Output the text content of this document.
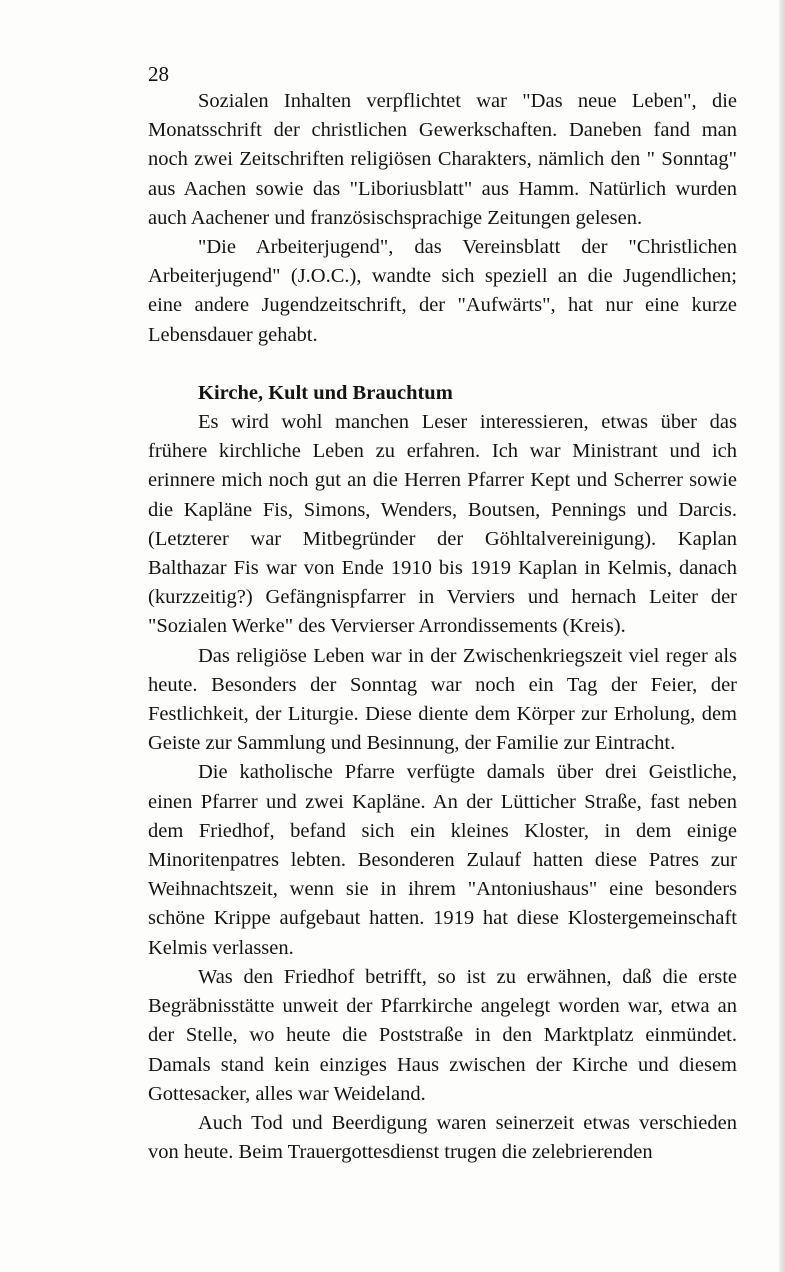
28

Sozialen Inhalten verpflichtet war "Das neue Leben", die Monatsschrift der christlichen Gewerkschaften. Daneben fand man noch zwei Zeitschriften religiösen Charakters, nämlich den " Sonntag" aus Aachen sowie das "Liboriusblatt" aus Hamm. Natürlich wurden auch Aachener und französischsprachige Zeitungen gelesen.

"Die Arbeiterjugend", das Vereinsblatt der "Christlichen Arbeiterjugend" (J.O.C.), wandte sich speziell an die Jugendlichen; eine andere Jugendzeitschrift, der "Aufwärts", hat nur eine kurze Lebensdauer gehabt.

Kirche, Kult und Brauchtum

Es wird wohl manchen Leser interessieren, etwas über das frühere kirchliche Leben zu erfahren. Ich war Ministrant und ich erinnere mich noch gut an die Herren Pfarrer Kept und Scherrer sowie die Kapläne Fis, Simons, Wenders, Boutsen, Pennings und Darcis. (Letzterer war Mitbegründer der Göhltalvereinigung). Kaplan Balthazar Fis war von Ende 1910 bis 1919 Kaplan in Kelmis, danach (kurzzeitig?) Gefängnispfarrer in Verviers und hernach Leiter der "Sozialen Werke" des Vervierser Arrondissements (Kreis).

Das religiöse Leben war in der Zwischenkriegszeit viel reger als heute. Besonders der Sonntag war noch ein Tag der Feier, der Festlichkeit, der Liturgie. Diese diente dem Körper zur Erholung, dem Geiste zur Sammlung und Besinnung, der Familie zur Eintracht.

Die katholische Pfarre verfügte damals über drei Geistliche, einen Pfarrer und zwei Kapläne. An der Lütticher Straße, fast neben dem Friedhof, befand sich ein kleines Kloster, in dem einige Minoritenpatres lebten. Besonderen Zulauf hatten diese Patres zur Weihnachtszeit, wenn sie in ihrem "Antoniushaus" eine besonders schöne Krippe aufgebaut hatten. 1919 hat diese Klostergemeinschaft Kelmis verlassen.

Was den Friedhof betrifft, so ist zu erwähnen, daß die erste Begräbnisstätte unweit der Pfarrkirche angelegt worden war, etwa an der Stelle, wo heute die Poststraße in den Marktplatz einmündet. Damals stand kein einziges Haus zwischen der Kirche und diesem Gottesacker, alles war Weideland.

Auch Tod und Beerdigung waren seinerzeit etwas verschieden von heute. Beim Trauergottesdienst trugen die zelebrierenden
